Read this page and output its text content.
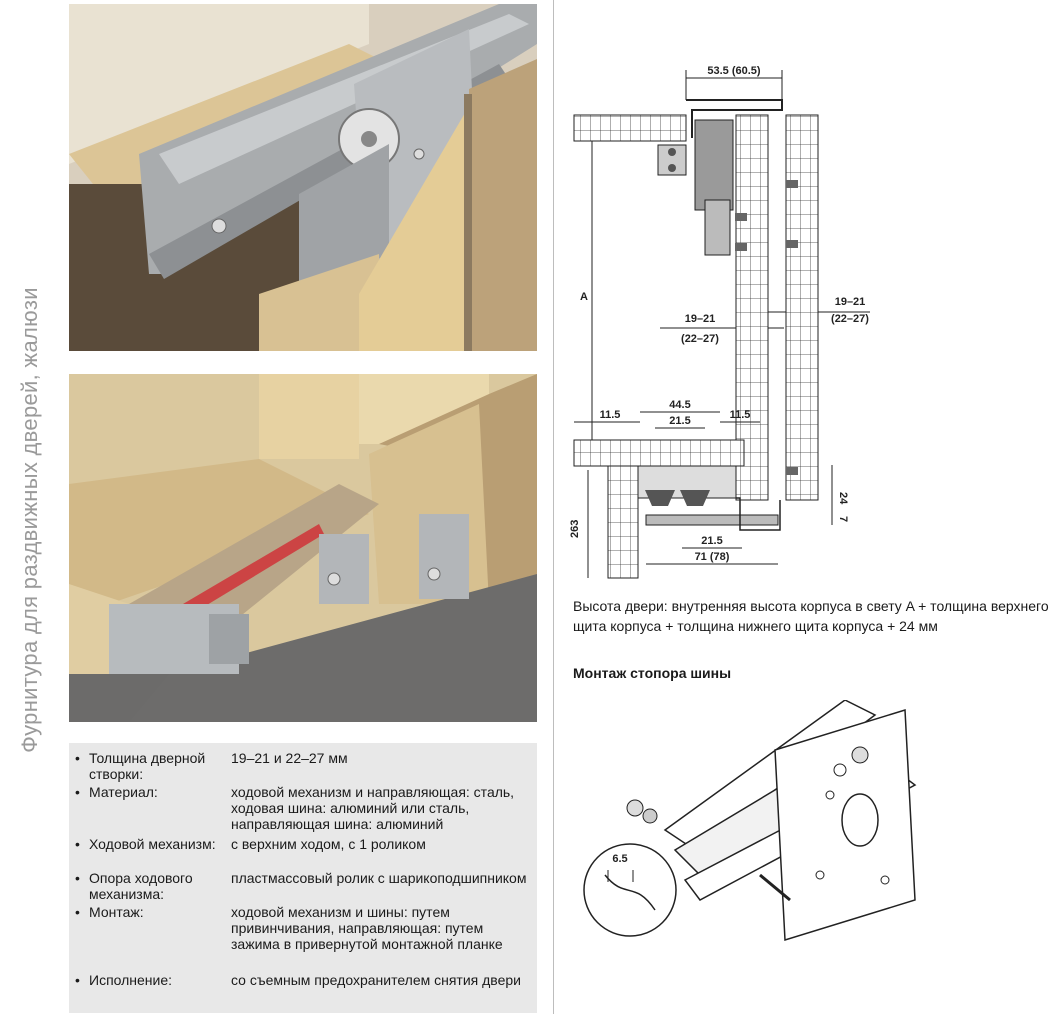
Фурнитура для раздвижных дверей, жалюзи
• Толщина дверной створки:
19–21 и 22–27 мм
• Материал:	ходовой механизм и направляющая: сталь, ходовая шина: алюминий или сталь, направляющая шина: алюминий
• Ходовой механизм:	с верхним ходом, с 1 роликом
• Опора ходового механизма:
пластмассовый ролик с шарикоподшипником
• Монтаж:	ходовой механизм и шины: путем привинчивания, направляющая: путем зажима в привернутой монтажной планке
• Исполнение:	со съемным предохранителем снятия двери
53.5 (60.5)
A
19–21
(22–27)
19–21
(22–27)
11.5
44.5
21.5	11.5
24
7
263
21.5
71 (78)
Высота двери: внутренняя высота корпуса в свету A + толщина верхнего щита корпуса + толщина нижнего щита корпуса + 24 мм
Монтаж стопора шины
6.5
